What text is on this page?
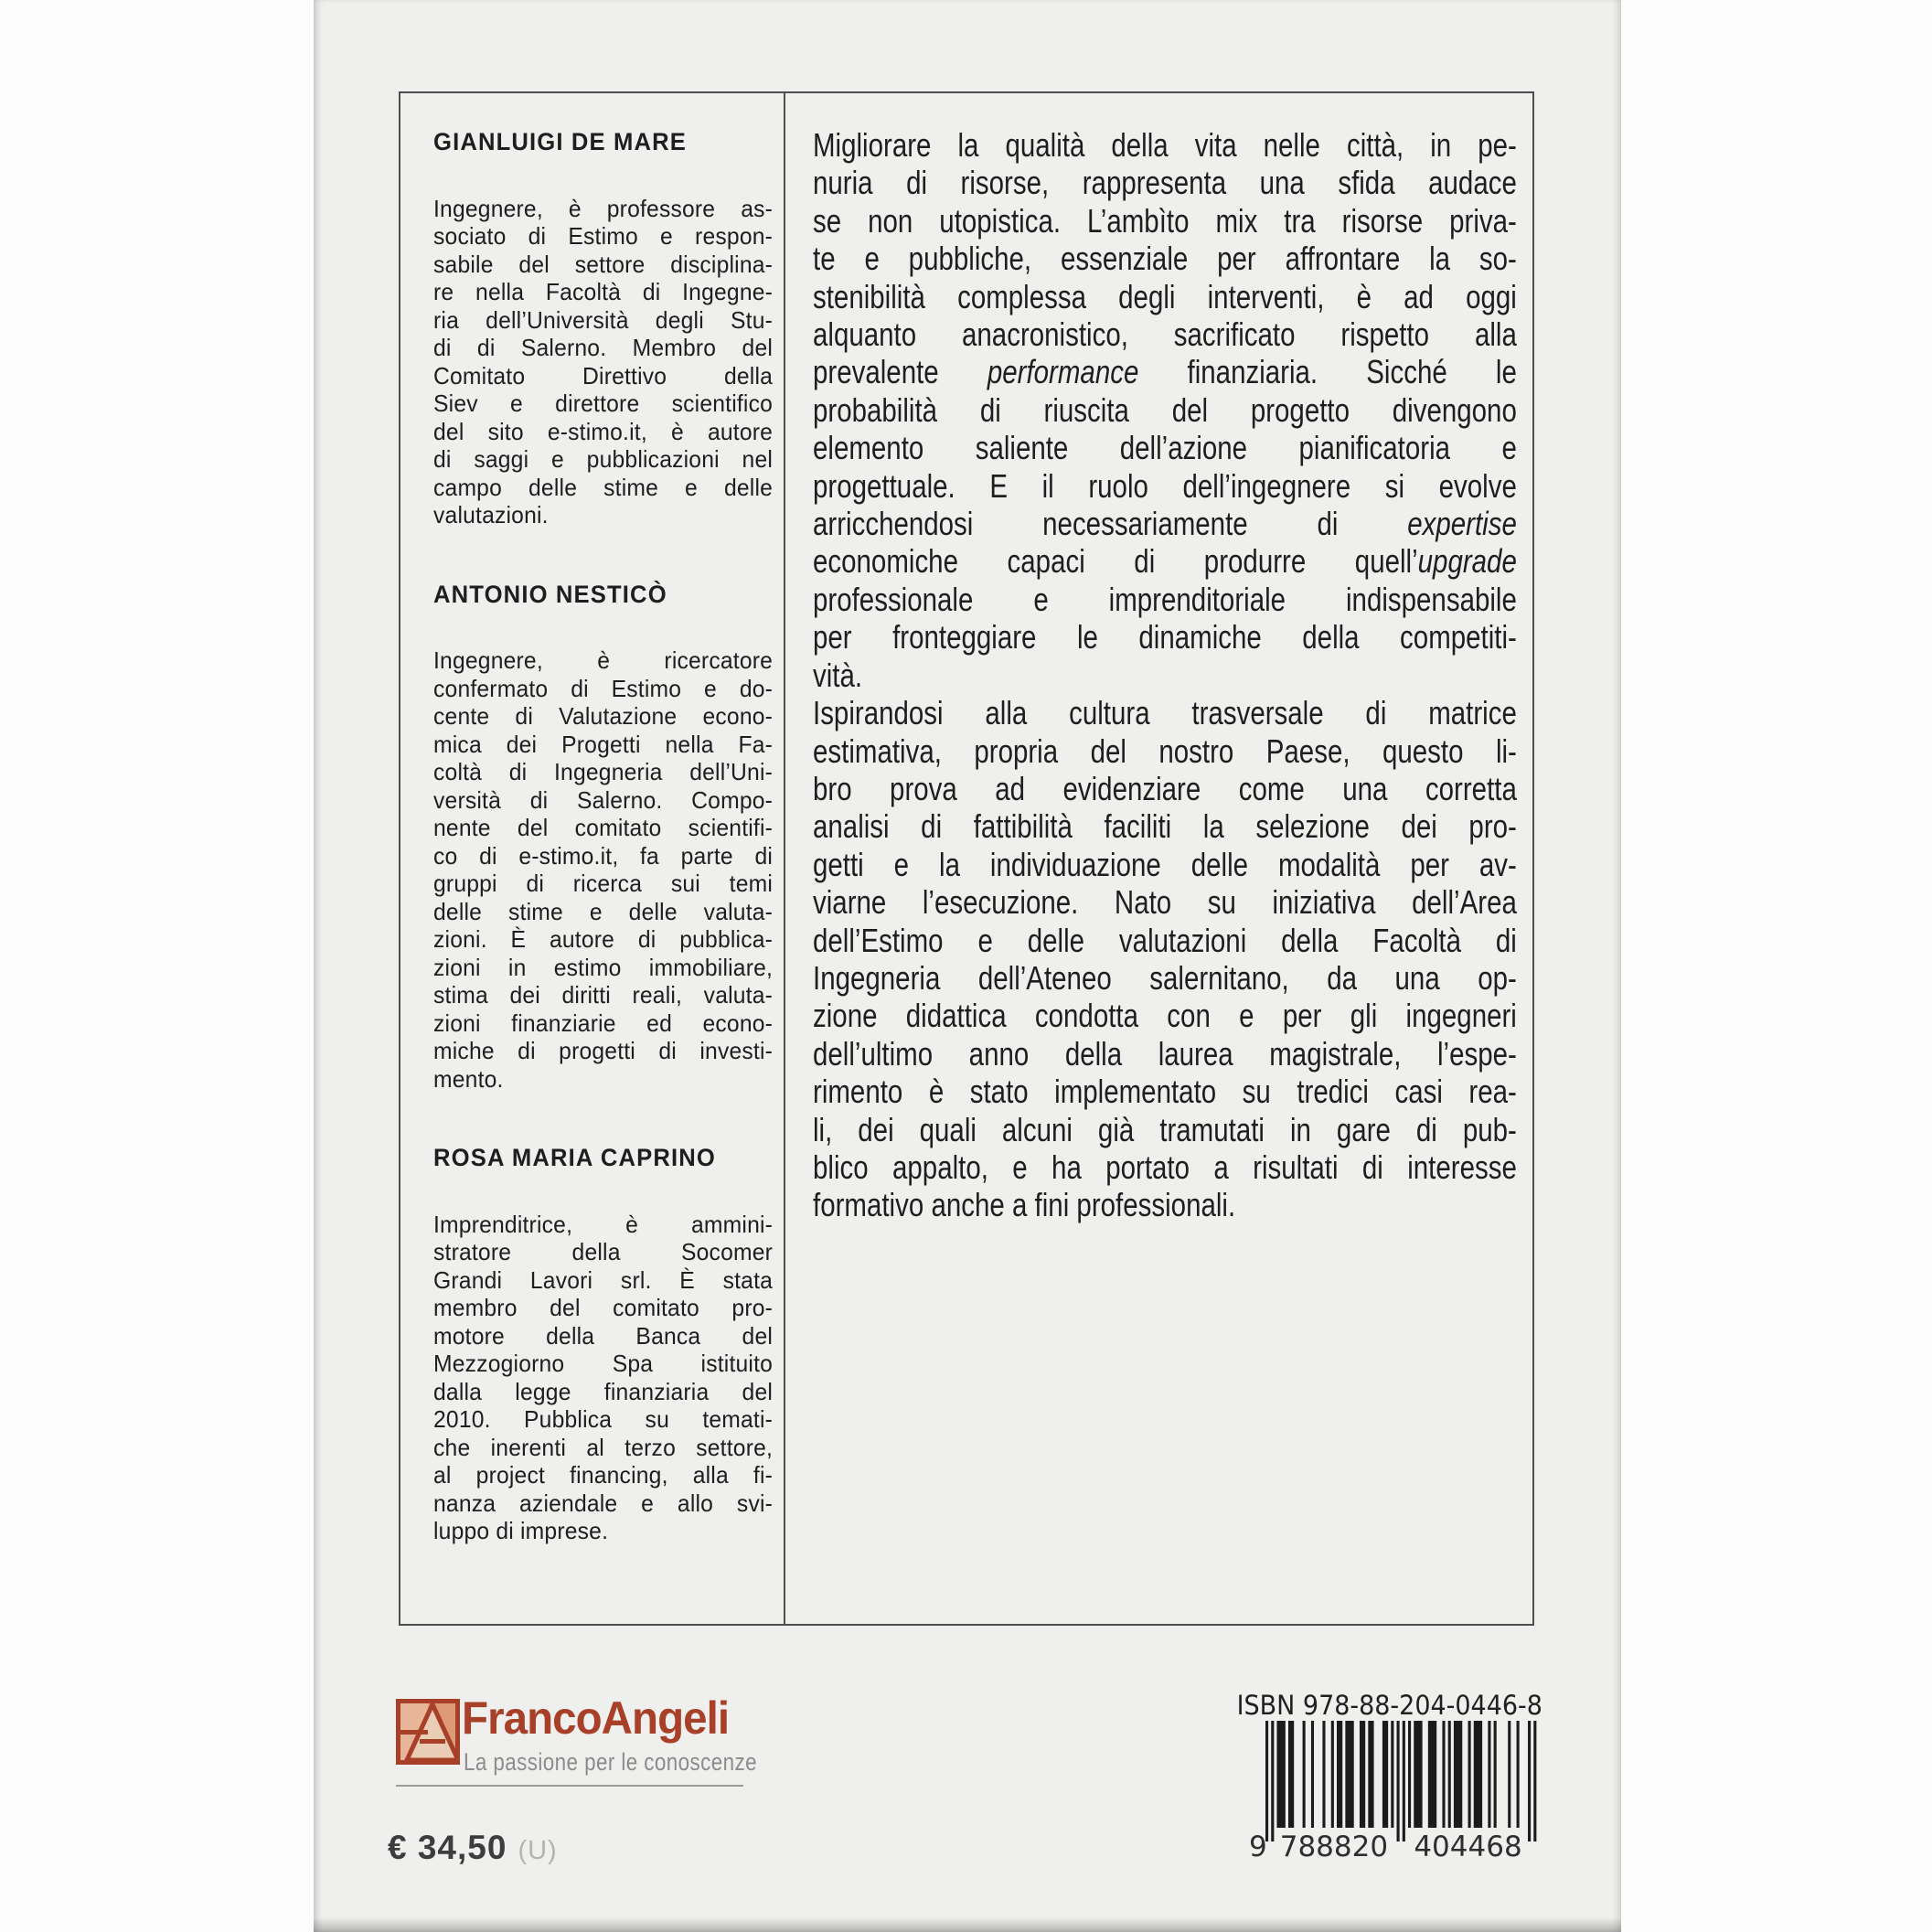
GIANLUIGI DE MARE
Ingegnere, è professore as-
sociato di Estimo e respon-
sabile del settore disciplina-
re nella Facoltà di Ingegne-
ria dell’Università degli Stu-
di di Salerno. Membro del
Comitato Direttivo della
Siev e direttore scientifico
del sito e-stimo.it, è autore
di saggi e pubblicazioni nel
campo delle stime e delle
valutazioni.
ANTONIO NESTICÒ
Ingegnere, è ricercatore
confermato di Estimo e do-
cente di Valutazione econo-
mica dei Progetti nella Fa-
coltà di Ingegneria dell’Uni-
versità di Salerno. Compo-
nente del comitato scientifi-
co di e-stimo.it, fa parte di
gruppi di ricerca sui temi
delle stime e delle valuta-
zioni. È autore di pubblica-
zioni in estimo immobiliare,
stima dei diritti reali, valuta-
zioni finanziarie ed econo-
miche di progetti di investi-
mento.
ROSA MARIA CAPRINO
Imprenditrice, è ammini-
stratore della Socomer
Grandi Lavori srl. È stata
membro del comitato pro-
motore della Banca del
Mezzogiorno Spa istituito
dalla legge finanziaria del
2010. Pubblica su temati-
che inerenti al terzo settore,
al project financing, alla fi-
nanza aziendale e allo svi-
luppo di imprese.
Migliorare la qualità della vita nelle città, in pe-
nuria di risorse, rappresenta una sfida audace
se non utopistica. L’ambìto mix tra risorse priva-
te e pubbliche, essenziale per affrontare la so-
stenibilità complessa degli interventi, è ad oggi
alquanto anacronistico, sacrificato rispetto alla
prevalente performance finanziaria. Sicché le
probabilità di riuscita del progetto divengono
elemento saliente dell’azione pianificatoria e
progettuale. E il ruolo dell’ingegnere si evolve
arricchendosi necessariamente di expertise
economiche capaci di produrre quell’upgrade
professionale e imprenditoriale indispensabile
per fronteggiare le dinamiche della competiti-
vità.
Ispirandosi alla cultura trasversale di matrice
estimativa, propria del nostro Paese, questo li-
bro prova ad evidenziare come una corretta
analisi di fattibilità faciliti la selezione dei pro-
getti e la individuazione delle modalità per av-
viarne l’esecuzione. Nato su iniziativa dell’Area
dell’Estimo e delle valutazioni della Facoltà di
Ingegneria dell’Ateneo salernitano, da una op-
zione didattica condotta con e per gli ingegneri
dell’ultimo anno della laurea magistrale, l’espe-
rimento è stato implementato su tredici casi rea-
li, dei quali alcuni già tramutati in gare di pub-
blico appalto, e ha portato a risultati di interesse
formativo anche a fini professionali.
FrancoAngeli
La passione per le conoscenze
€ 34,50 (U)
ISBN 978-88-204-0446-8
9 788820 404468
